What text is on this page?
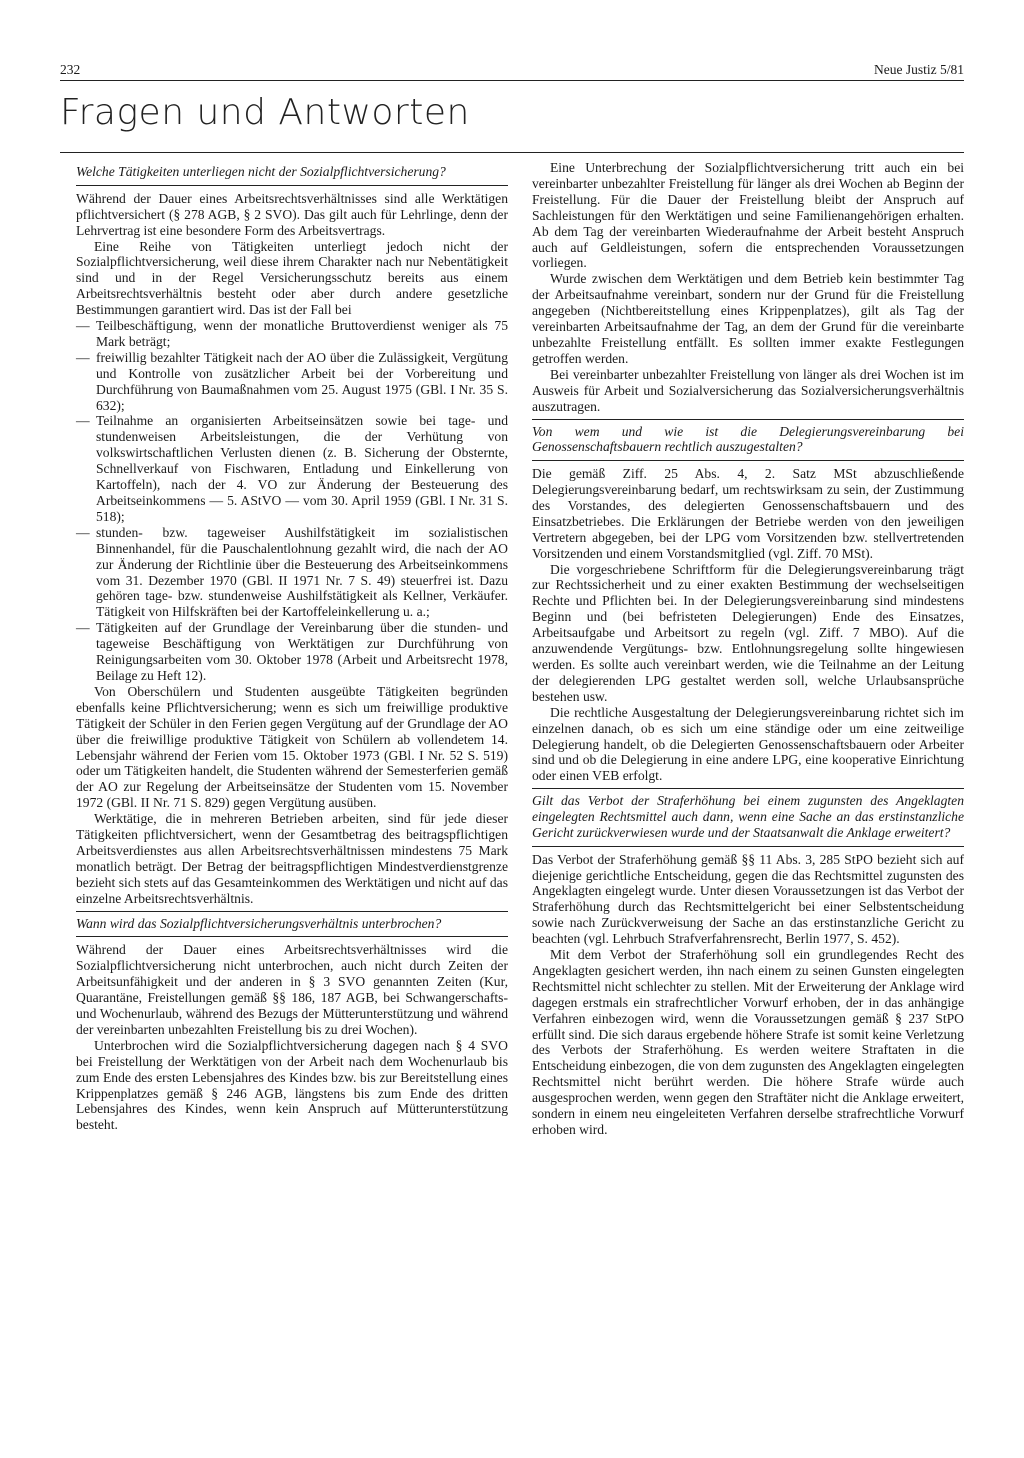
232	Neue Justiz 5/81
Fragen und Antworten
Welche Tätigkeiten unterliegen nicht der Sozialpflichtversicherung?

Während der Dauer eines Arbeitsrechtsverhältnisses sind alle Werktätigen pflichtversichert (§ 278 AGB, § 2 SVO). Das gilt auch für Lehrlinge, denn der Lehrvertrag ist eine besondere Form des Arbeitsvertrags.

Eine Reihe von Tätigkeiten unterliegt jedoch nicht der Sozialpflichtversicherung, weil diese ihrem Charakter nach nur Nebentätigkeit sind und in der Regel Versicherungsschutz bereits aus einem Arbeitsrechtsverhältnis besteht oder aber durch andere gesetzliche Bestimmungen garantiert wird. Das ist der Fall bei

— Teilbeschäftigung, wenn der monatliche Bruttoverdienst weniger als 75 Mark beträgt;
— freiwillig bezahlter Tätigkeit nach der AO über die Zulässigkeit, Vergütung und Kontrolle von zusätzlicher Arbeit bei der Vorbereitung und Durchführung von Baumaßnahmen vom 25. August 1975 (GBl. I Nr. 35 S. 632);
— Teilnahme an organisierten Arbeitseinsätzen sowie bei tage- und stundenweisen Arbeitsleistungen, die der Verhütung von volkswirtschaftlichen Verlusten dienen (z. B. Sicherung der Obsternte, Schnellverkauf von Fischwaren, Entladung und Einkellerung von Kartoffeln), nach der 4. VO zur Änderung der Besteuerung des Arbeitseinkommens — 5. AStVO — vom 30. April 1959 (GBl. I Nr. 31 S. 518);
— stunden- bzw. tageweiser Aushilfstätigkeit im sozialistischen Binnenhandel, für die Pauschalentlohnung gezahlt wird, die nach der AO zur Änderung der Richtlinie über die Besteuerung des Arbeitseinkommens vom 31. Dezember 1970 (GBl. II 1971 Nr. 7 S. 49) steuerfrei ist. Dazu gehören tage- bzw. stundenweise Aushilfstätigkeit als Kellner, Verkäufer. Tätigkeit von Hilfskräften bei der Kartoffeleinkellerung u. a.;
— Tätigkeiten auf der Grundlage der Vereinbarung über die stunden- und tageweise Beschäftigung von Werktätigen zur Durchführung von Reinigungsarbeiten vom 30. Oktober 1978 (Arbeit und Arbeitsrecht 1978, Beilage zu Heft 12).

Von Oberschülern und Studenten ausgeübte Tätigkeiten begründen ebenfalls keine Pflichtversicherung; wenn es sich um freiwillige produktive Tätigkeit der Schüler in den Ferien gegen Vergütung auf der Grundlage der AO über die freiwillige produktive Tätigkeit von Schülern ab vollendetem 14. Lebensjahr während der Ferien vom 15. Oktober 1973 (GBl. I Nr. 52 S. 519) oder um Tätigkeiten handelt, die Studenten während der Semesterferien gemäß der AO zur Regelung der Arbeitseinsätze der Studenten vom 15. November 1972 (GBl. II Nr. 71 S. 829) gegen Vergütung ausüben.

Werktätige, die in mehreren Betrieben arbeiten, sind für jede dieser Tätigkeiten pflichtversichert, wenn der Gesamtbetrag des beitragspflichtigen Arbeitsverdienstes aus allen Arbeitsrechtsverhältnissen mindestens 75 Mark monatlich beträgt. Der Betrag der beitragspflichtigen Mindestverdienstgrenze bezieht sich stets auf das Gesamteinkommen des Werktätigen und nicht auf das einzelne Arbeitsrechtsverhältnis.

Wann wird das Sozialpflichtversicherungsverhältnis unterbrochen?

Während der Dauer eines Arbeitsrechtsverhältnisses wird die Sozialpflichtversicherung nicht unterbrochen, auch nicht durch Zeiten der Arbeitsunfähigkeit und der anderen in § 3 SVO genannten Zeiten (Kur, Quarantäne, Freistellungen gemäß §§ 186, 187 AGB, bei Schwangerschafts- und Wochenurlaub, während des Bezugs der Mütterunterstützung und während der vereinbarten unbezahlten Freistellung bis zu drei Wochen).

Unterbrochen wird die Sozialpflichtversicherung dagegen nach § 4 SVO bei Freistellung der Werktätigen von der Arbeit nach dem Wochenurlaub bis zum Ende des ersten Lebensjahres des Kindes bzw. bis zur Bereitstellung eines Krippenplatzes gemäß § 246 AGB, längstens bis zum Ende des dritten Lebensjahres des Kindes, wenn kein Anspruch auf Mütterunterstützung besteht.

Eine Unterbrechung der Sozialpflichtversicherung tritt auch ein bei vereinbarter unbezahlter Freistellung für länger als drei Wochen ab Beginn der Freistellung. Für die Dauer der Freistellung bleibt der Anspruch auf Sachleistungen für den Werktätigen und seine Familienangehörigen erhalten. Ab dem Tag der vereinbarten Wiederaufnahme der Arbeit besteht Anspruch auch auf Geldleistungen, sofern die entsprechenden Voraussetzungen vorliegen.

Wurde zwischen dem Werktätigen und dem Betrieb kein bestimmter Tag der Arbeitsaufnahme vereinbart, sondern nur der Grund für die Freistellung angegeben (Nichtbereitstellung eines Krippenplatzes), gilt als Tag der vereinbarten Arbeitsaufnahme der Tag, an dem der Grund für die vereinbarte unbezahlte Freistellung entfällt. Es sollten immer exakte Festlegungen getroffen werden.

Bei vereinbarter unbezahlter Freistellung von länger als drei Wochen ist im Ausweis für Arbeit und Sozialversicherung das Sozialversicherungsverhältnis auszutragen.

Von wem und wie ist die Delegierungsvereinbarung bei Genossenschaftsbauern rechtlich auszugestalten?

Die gemäß Ziff. 25 Abs. 4, 2. Satz MSt abzuschließende Delegierungsvereinbarung bedarf, um rechtswirksam zu sein, der Zustimmung des Vorstandes, des delegierten Genossenschaftsbauern und des Einsatzbetriebes. Die Erklärungen der Betriebe werden von den jeweiligen Vertretern abgegeben, bei der LPG vom Vorsitzenden bzw. stellvertretenden Vorsitzenden und einem Vorstandsmitglied (vgl. Ziff. 70 MSt).

Die vorgeschriebene Schriftform für die Delegierungsvereinbarung trägt zur Rechtssicherheit und zu einer exakten Bestimmung der wechselseitigen Rechte und Pflichten bei. In der Delegierungsvereinbarung sind mindestens Beginn und (bei befristeten Delegierungen) Ende des Einsatzes, Arbeitsaufgabe und Arbeitsort zu regeln (vgl. Ziff. 7 MBO). Auf die anzuwendende Vergütungs- bzw. Entlohnungsregelung sollte hingewiesen werden. Es sollte auch vereinbart werden, wie die Teilnahme an der Leitung der delegierenden LPG gestaltet werden soll, welche Urlaubsansprüche bestehen usw.

Die rechtliche Ausgestaltung der Delegierungsvereinbarung richtet sich im einzelnen danach, ob es sich um eine ständige oder um eine zeitweilige Delegierung handelt, ob die Delegierten Genossenschaftsbauern oder Arbeiter sind und ob die Delegierung in eine andere LPG, eine kooperative Einrichtung oder einen VEB erfolgt.

Gilt das Verbot der Straferhöhung bei einem zugunsten des Angeklagten eingelegten Rechtsmittel auch dann, wenn eine Sache an das erstinstanzliche Gericht zurückverwiesen wurde und der Staatsanwalt die Anklage erweitert?

Das Verbot der Straferhöhung gemäß §§ 11 Abs. 3, 285 StPO bezieht sich auf diejenige gerichtliche Entscheidung, gegen die das Rechtsmittel zugunsten des Angeklagten eingelegt wurde. Unter diesen Voraussetzungen ist das Verbot der Straferhöhung durch das Rechtsmittelgericht bei einer Selbstentscheidung sowie nach Zurückverweisung der Sache an das erstinstanzliche Gericht zu beachten (vgl. Lehrbuch Strafverfahrensrecht, Berlin 1977, S. 452).

Mit dem Verbot der Straferhöhung soll ein grundlegendes Recht des Angeklagten gesichert werden, ihn nach einem zu seinen Gunsten eingelegten Rechtsmittel nicht schlechter zu stellen. Mit der Erweiterung der Anklage wird dagegen erstmals ein strafrechtlicher Vorwurf erhoben, der in das anhängige Verfahren einbezogen wird, wenn die Voraussetzungen gemäß § 237 StPO erfüllt sind. Die sich daraus ergebende höhere Strafe ist somit keine Verletzung des Verbots der Straferhöhung. Es werden weitere Straftaten in die Entscheidung einbezogen, die von dem zugunsten des Angeklagten eingelegten Rechtsmittel nicht berührt werden. Die höhere Strafe würde auch ausgesprochen werden, wenn gegen den Straftäter nicht die Anklage erweitert, sondern in einem neu eingeleiteten Verfahren derselbe strafrechtliche Vorwurf erhoben wird.
